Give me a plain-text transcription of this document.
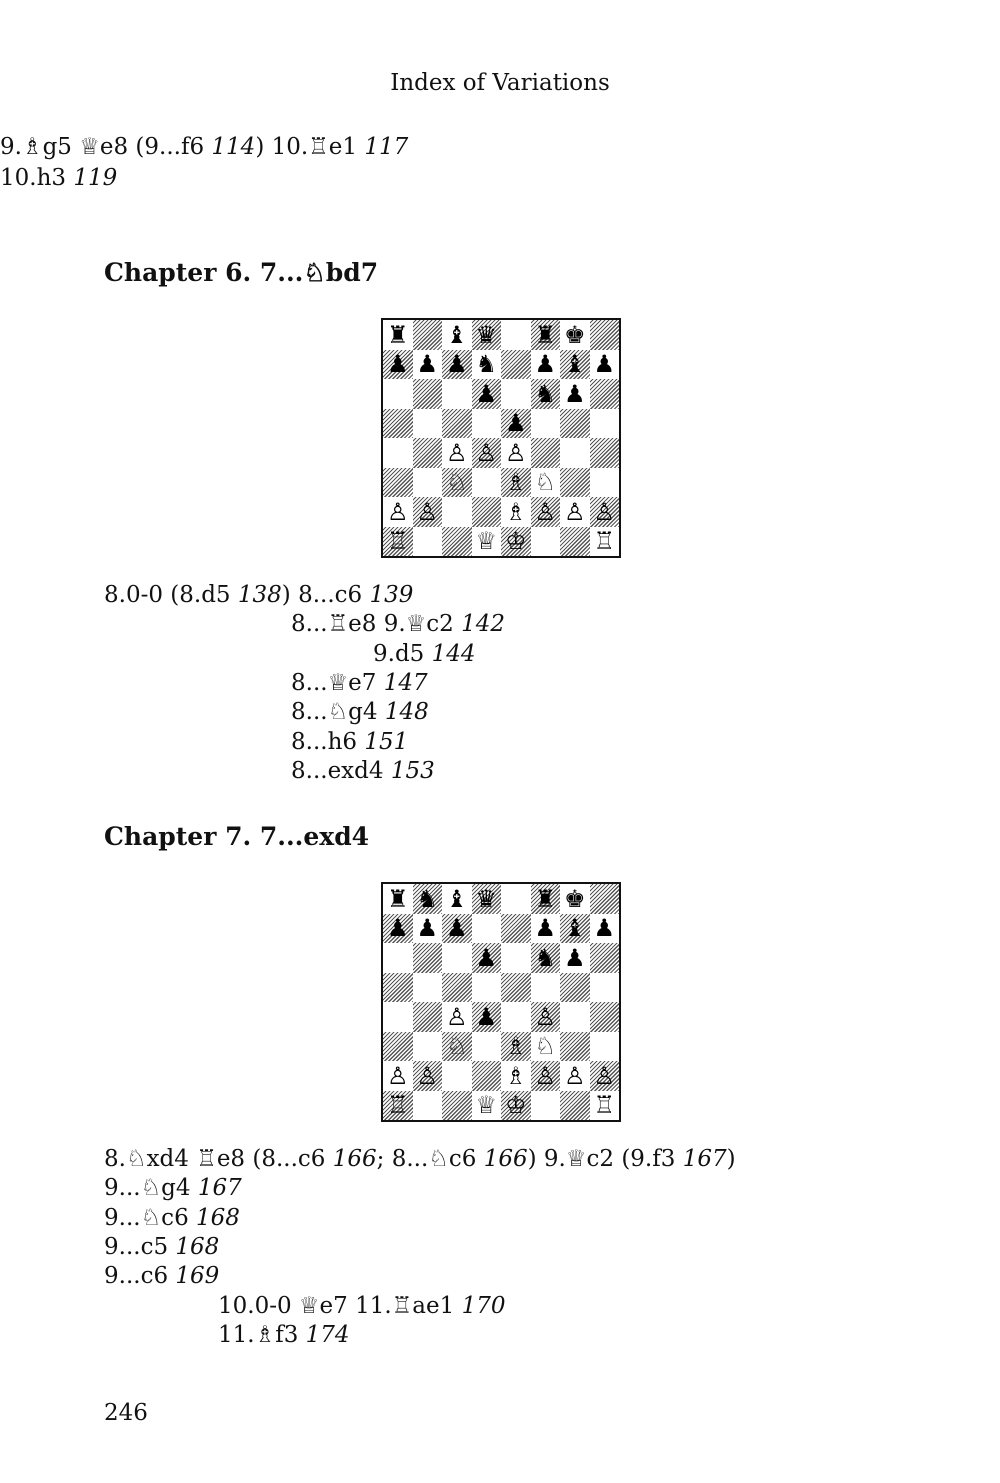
Index of Variations
9.♗g5 ♕e8 (9...f6 114) 10.♖e1 117
10.h3 119
Chapter 6. 7...♘bd7
♜ ♝ ♛ ♜ ♚
♟ ♟ ♟ ♞ ♟ ♝ ♟
♟ ♞ ♟
♟
♙ ♙ ♙
♘ ♗ ♘
♙ ♙	♗ ♙ ♙ ♙
♖	♕ ♔	♖
8.0-0 (8.d5 138) 8...c6 139
8...♖e8 9.♕c2 142
9.d5 144
8...♕e7 147
8...♘g4 148
8...h6 151
8...exd4 153
Chapter 7. 7...exd4
♜ ♞ ♝ ♛ ♜ ♚
♟ ♟ ♟	♟ ♝ ♟
♟ ♞ ♟
♙ ♟ ♙
♘ ♗ ♘
♙ ♙	♗ ♙ ♙ ♙
♖	♕ ♔	♖
8.♘xd4 ♖e8 (8...c6 166; 8...♘c6 166) 9.♕c2 (9.f3 167)
9...♘g4 167
9...♘c6 168
9...c5 168
9...c6 169
10.0-0 ♕e7 11.♖ae1 170
11.♗f3 174
246
